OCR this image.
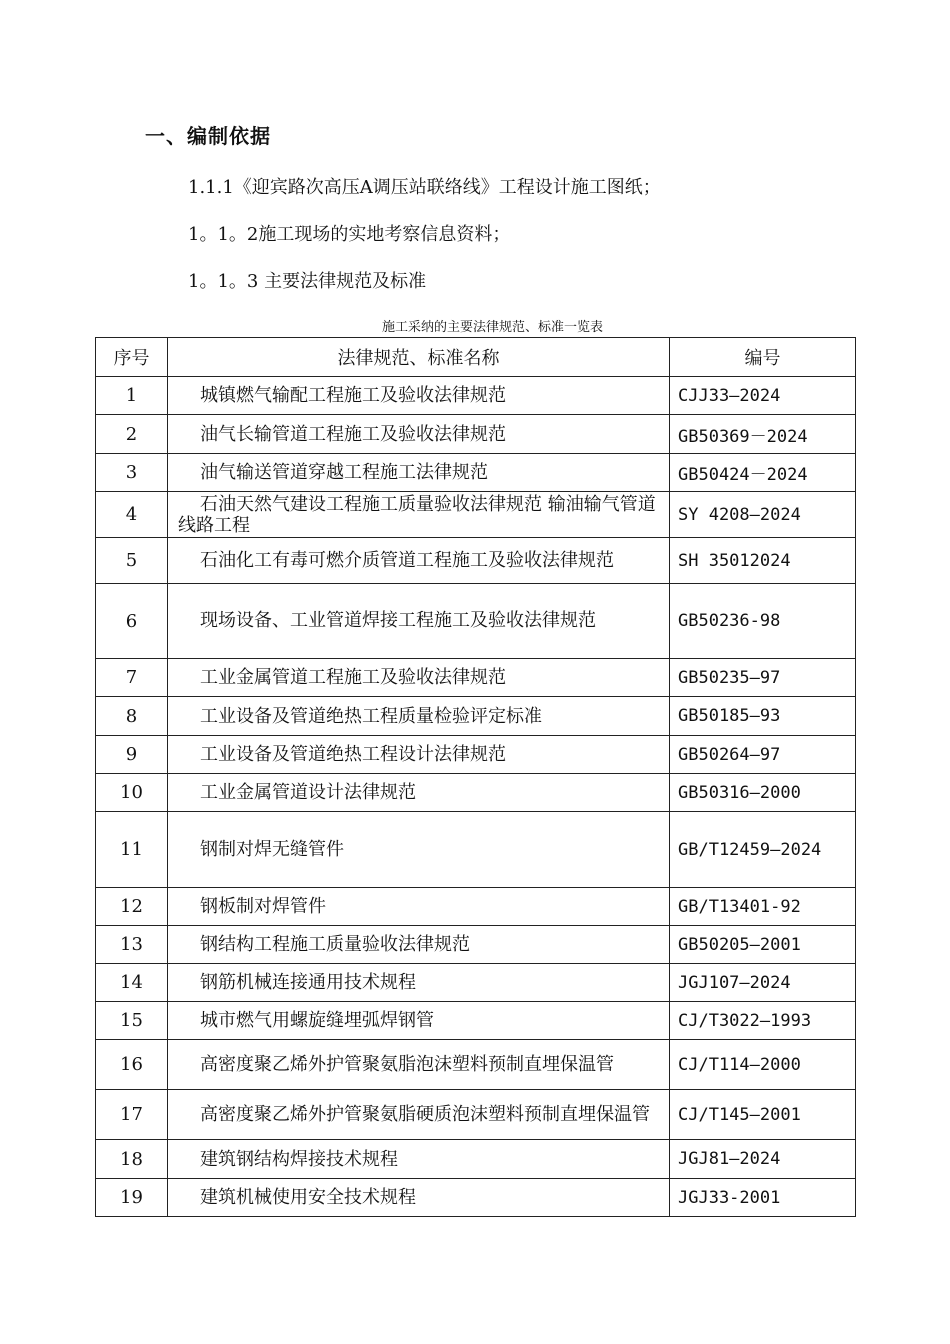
一、编制依据
1.1.1《迎宾路次高压A调压站联络线》工程设计施工图纸；
1。1。2施工现场的实地考察信息资料；
1。1。3 主要法律规范及标准
施工采纳的主要法律规范、标准一览表
序号	法律规范、标准名称	编号
1	城镇燃气输配工程施工及验收法律规范	CJJ33—2024
2	油气长输管道工程施工及验收法律规范	GB50369－2024
3	油气输送管道穿越工程施工法律规范	GB50424－2024
4	石油天然气建设工程施工质量验收法律规范 输油输气管道线路工程	SY 4208—2024
5	石油化工有毒可燃介质管道工程施工及验收法律规范	SH 35012024
6	现场设备、工业管道焊接工程施工及验收法律规范	GB50236-98
7	工业金属管道工程施工及验收法律规范	GB50235—97
8	工业设备及管道绝热工程质量检验评定标准	GB50185—93
9	工业设备及管道绝热工程设计法律规范	GB50264—97
10	工业金属管道设计法律规范	GB50316—2000
11	钢制对焊无缝管件	GB/T12459—2024
12	钢板制对焊管件	GB/T13401-92
13	钢结构工程施工质量验收法律规范	GB50205—2001
14	钢筋机械连接通用技术规程	JGJ107—2024
15	城市燃气用螺旋缝埋弧焊钢管	CJ/T3022—1993
16	高密度聚乙烯外护管聚氨脂泡沫塑料预制直埋保温管	CJ/T114—2000
17	高密度聚乙烯外护管聚氨脂硬质泡沫塑料预制直埋保温管	CJ/T145—2001
18	建筑钢结构焊接技术规程	JGJ81—2024
19	建筑机械使用安全技术规程	JGJ33-2001
